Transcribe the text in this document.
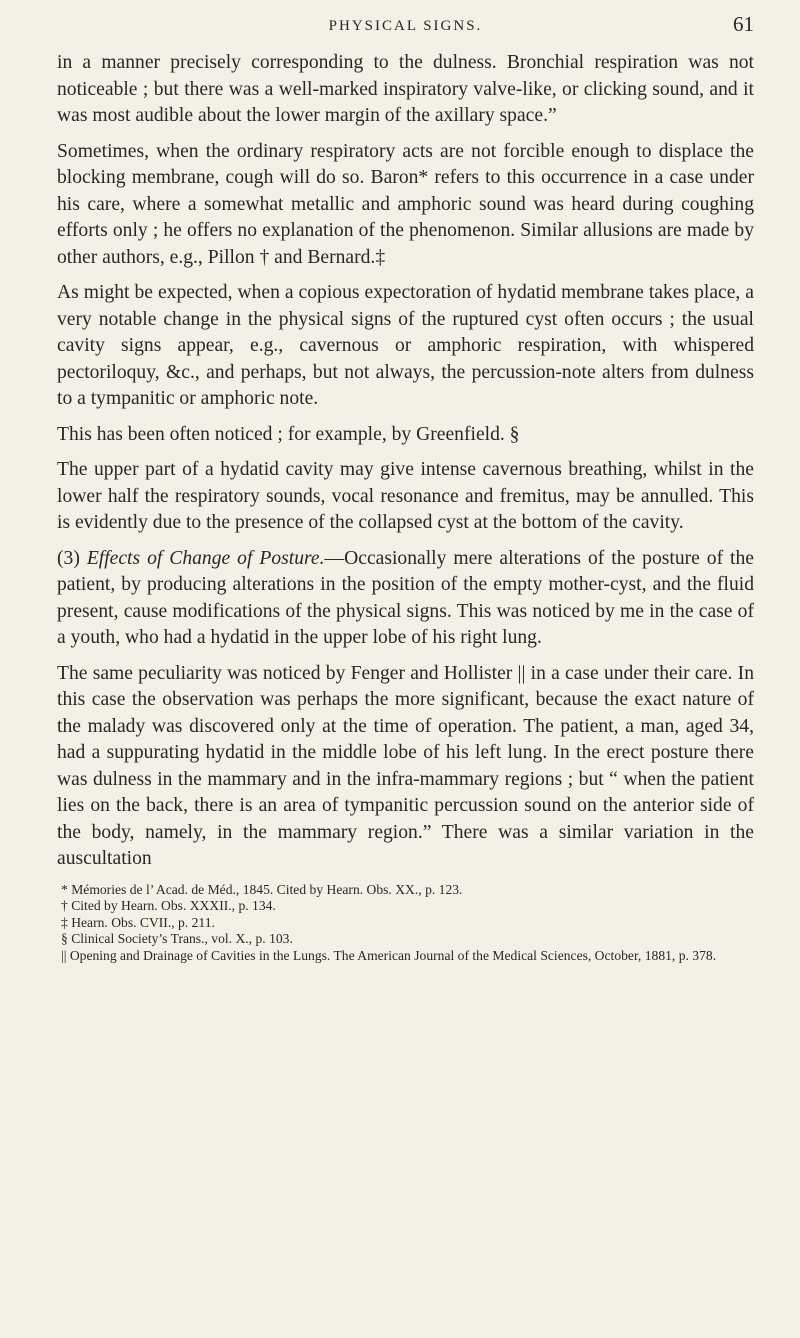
PHYSICAL SIGNS.	61

in a manner precisely corresponding to the dulness. Bronchial respiration was not noticeable ; but there was a well-marked inspiratory valve-like, or clicking sound, and it was most audible about the lower margin of the axillary space.”

Sometimes, when the ordinary respiratory acts are not forcible enough to displace the blocking membrane, cough will do so. Baron* refers to this occurrence in a case under his care, where a somewhat metallic and amphoric sound was heard during coughing efforts only ; he offers no explanation of the phenomenon. Similar allusions are made by other authors, e.g., Pillon † and Bernard.‡

As might be expected, when a copious expectoration of hydatid membrane takes place, a very notable change in the physical signs of the ruptured cyst often occurs ; the usual cavity signs appear, e.g., cavernous or amphoric respiration, with whispered pectoriloquy, &c., and perhaps, but not always, the percussion-note alters from dulness to a tympanitic or amphoric note.

This has been often noticed ; for example, by Greenfield. §

The upper part of a hydatid cavity may give intense cavernous breathing, whilst in the lower half the respiratory sounds, vocal resonance and fremitus, may be annulled. This is evidently due to the presence of the collapsed cyst at the bottom of the cavity.

(3) Effects of Change of Posture.—Occasionally mere alterations of the posture of the patient, by producing alterations in the position of the empty mother-cyst, and the fluid present, cause modifications of the physical signs. This was noticed by me in the case of a youth, who had a hydatid in the upper lobe of his right lung.

The same peculiarity was noticed by Fenger and Hollister || in a case under their care. In this case the observation was perhaps the more significant, because the exact nature of the malady was discovered only at the time of operation. The patient, a man, aged 34, had a suppurating hydatid in the middle lobe of his left lung. In the erect posture there was dulness in the mammary and in the infra-mammary regions ; but “ when the patient lies on the back, there is an area of tympanitic percussion sound on the anterior side of the body, namely, in the mammary region.” There was a similar variation in the auscultation

* Mémories de l’ Acad. de Méd., 1845. Cited by Hearn. Obs. XX., p. 123.
† Cited by Hearn. Obs. XXXII., p. 134.
‡ Hearn. Obs. CVII., p. 211.
§ Clinical Society’s Trans., vol. X., p. 103.
|| Opening and Drainage of Cavities in the Lungs. The American Journal of the Medical Sciences, October, 1881, p. 378.
